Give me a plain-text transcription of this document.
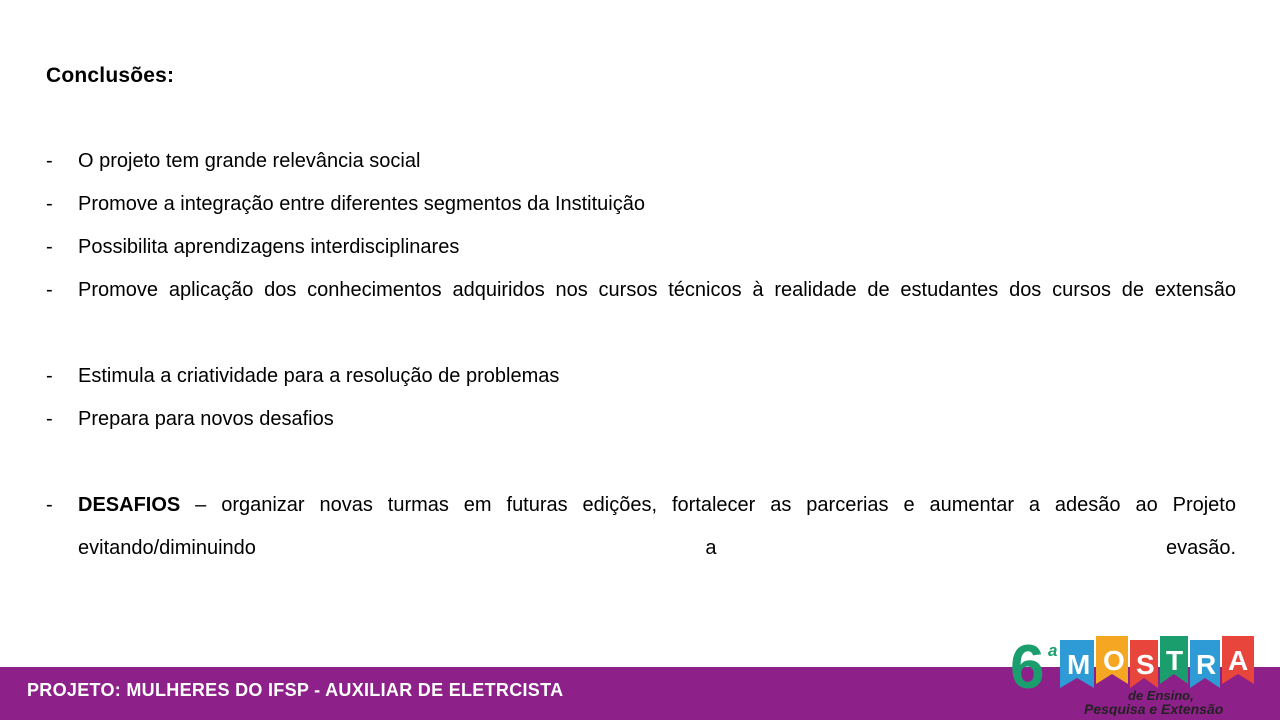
Conclusões:
-	O projeto tem grande relevância social
-	Promove a integração entre diferentes segmentos da Instituição
-	Possibilita aprendizagens interdisciplinares
-	Promove aplicação dos conhecimentos adquiridos nos cursos técnicos à realidade de estudantes dos cursos de extensão
-	Estimula a criatividade para a resolução de problemas
-	Prepara para novos desafios
-	DESAFIOS – organizar novas turmas em futuras edições, fortalecer as parcerias e aumentar a adesão ao Projeto evitando/diminuindo a evasão.
PROJETO: MULHERES DO IFSP - AUXILIAR DE ELETRCISTA	6 a M O S T R A
de Ensino,
Pesquisa e Extensão
